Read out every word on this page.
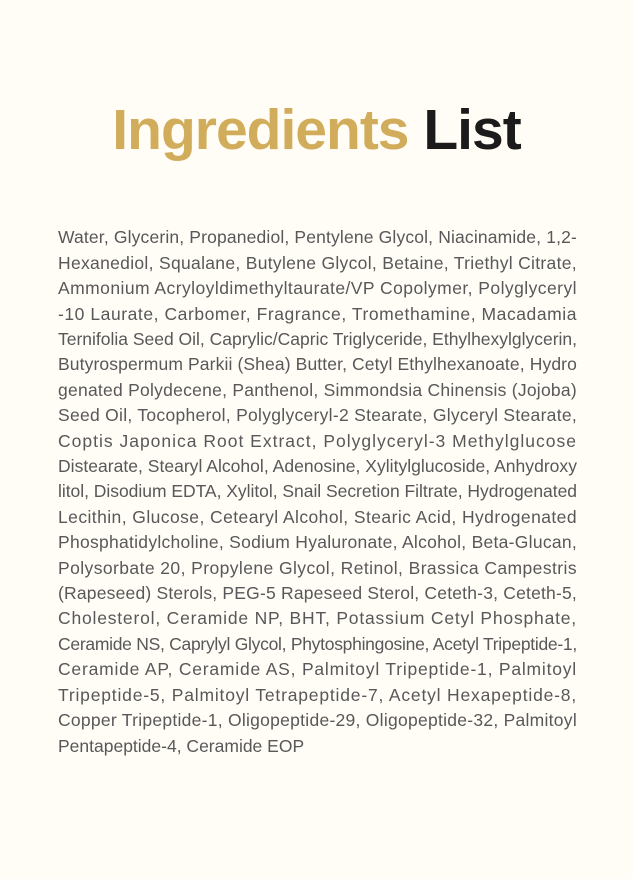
Ingredients List
Water, Glycerin, Propanediol, Pentylene Glycol, Niacinamide, 1,2-
Hexanediol, Squalane, Butylene Glycol, Betaine, Triethyl Citrate,
Ammonium Acryloyldimethyltaurate/VP Copolymer, Polyglyceryl
-10 Laurate, Carbomer, Fragrance, Tromethamine, Macadamia
Ternifolia Seed Oil, Caprylic/Capric Triglyceride, Ethylhexylglycerin,
Butyrospermum Parkii (Shea) Butter, Cetyl Ethylhexanoate, Hydro
genated Polydecene, Panthenol, Simmondsia Chinensis (Jojoba)
Seed Oil, Tocopherol, Polyglyceryl-2 Stearate, Glyceryl Stearate,
Coptis Japonica Root Extract, Polyglyceryl-3 Methylglucose
Distearate, Stearyl Alcohol, Adenosine, Xylitylglucoside, Anhydroxy
litol, Disodium EDTA, Xylitol, Snail Secretion Filtrate, Hydrogenated
Lecithin, Glucose, Cetearyl Alcohol, Stearic Acid, Hydrogenated
Phosphatidylcholine, Sodium Hyaluronate, Alcohol, Beta-Glucan,
Polysorbate 20, Propylene Glycol, Retinol, Brassica Campestris
(Rapeseed) Sterols, PEG-5 Rapeseed Sterol, Ceteth-3, Ceteth-5,
Cholesterol, Ceramide NP, BHT, Potassium Cetyl Phosphate,
Ceramide NS, Caprylyl Glycol, Phytosphingosine, Acetyl Tripeptide-1,
Ceramide AP, Ceramide AS, Palmitoyl Tripeptide-1, Palmitoyl
Tripeptide-5, Palmitoyl Tetrapeptide-7, Acetyl Hexapeptide-8,
Copper Tripeptide-1, Oligopeptide-29, Oligopeptide-32, Palmitoyl
Pentapeptide-4, Ceramide EOP
